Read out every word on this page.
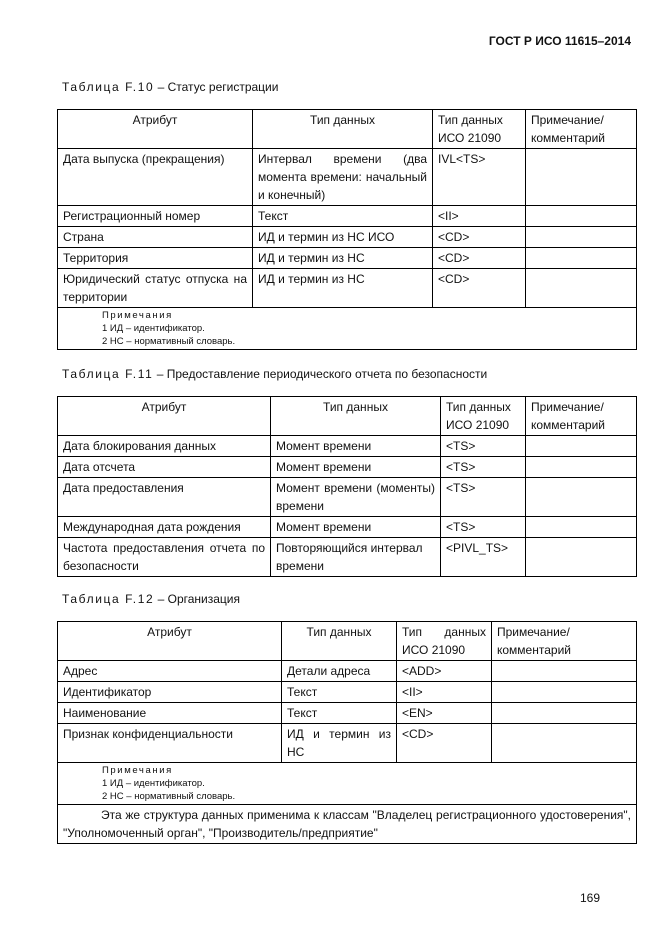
ГОСТ Р ИСО 11615–2014
Таблица F.10 – Статус регистрации
Атрибут	Тип данных	Тип данных ИСО 21090	Примечание/ комментарий
Дата выпуска (прекращения)	Интервал времени (два момента времени: начальный и конечный)	IVL<TS>	
Регистрационный номер	Текст	<II>	
Страна	ИД и термин из НС ИСО	<CD>	
Территория	ИД и термин из НС	<CD>	
Юридический статус отпуска на территории	ИД и термин из НС	<CD>	

Примечания
1 ИД – идентификатор.
2 НС – нормативный словарь.			
Таблица F.11 – Предоставление периодического отчета по безопасности
Атрибут	Тип данных	Тип данных ИСО 21090	Примечание/ комментарий
Дата блокирования данных	Момент времени	<TS>	
Дата отсчета	Момент времени	<TS>	
Дата предоставления	Момент времени (моменты) времени	<TS>	
Международная дата рождения	Момент времени	<TS>	
Частота предоставления отчета по безопасности	Повторяющийся интервал времени	<PIVL_TS>	
Таблица F.12 – Организация
Атрибут	Тип данных	Тип данных ИСО 21090	Примечание/ комментарий
Адрес	Детали адреса	<ADD>	
Идентификатор	Текст	<II>	
Наименование	Текст	<EN>	
Признак конфиденциальности	ИД и термин из НС	<CD>	

Примечания
1 ИД – идентификатор.
2 НС – нормативный словарь.			

Эта же структура данных применима к классам "Владелец регистрационного удостоверения", "Уполномоченный орган", "Производитель/предприятие"			
169
